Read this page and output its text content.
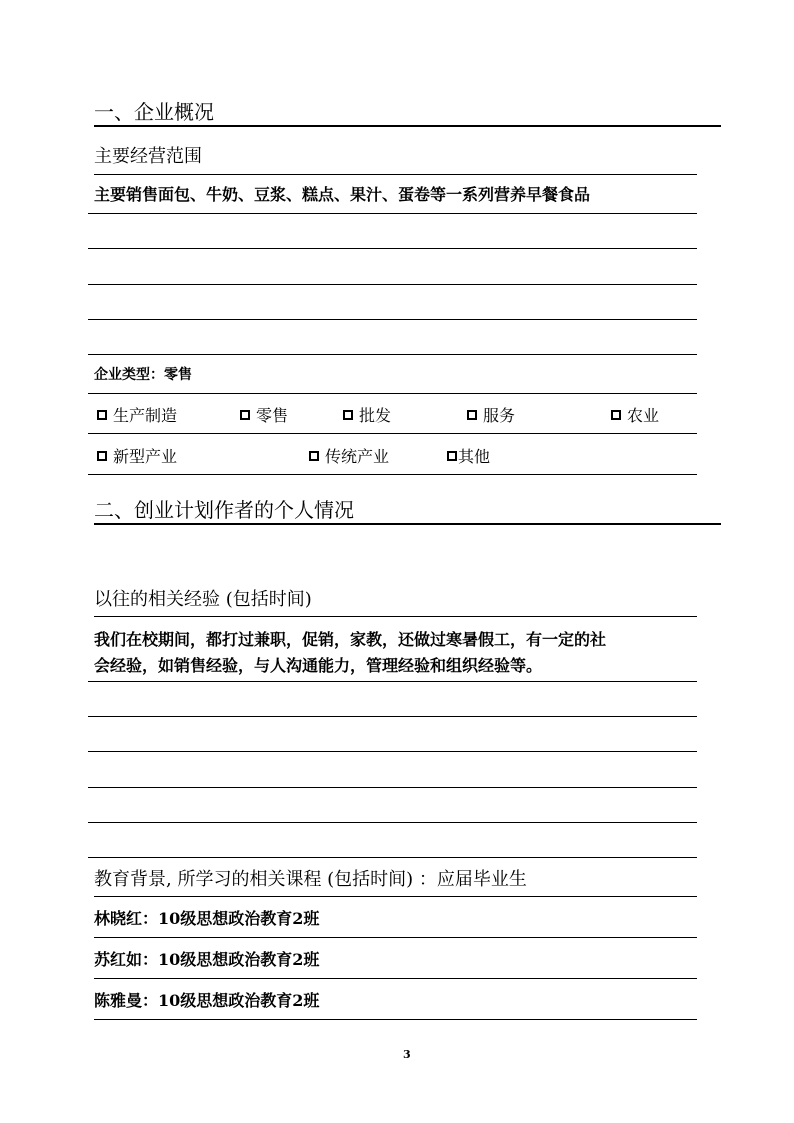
一、企业概况
主要经营范围
主要销售面包、牛奶、豆浆、糕点、果汁、蛋卷等一系列营养早餐食品
企业类型：零售
生产制造	零售	批发	服务	农业
新型产业	传统产业	其他
二、创业计划作者的个人情况
以往的相关经验 (包括时间)
我们在校期间，都打过兼职，促销，家教，还做过寒暑假工，有一定的社
会经验，如销售经验，与人沟通能力，管理经验和组织经验等。
教育背景, 所学习的相关课程 (包括时间) ：应届毕业生
林晓红：10级思想政治教育2班
苏红如：10级思想政治教育2班
陈雅曼：10级思想政治教育2班
3
